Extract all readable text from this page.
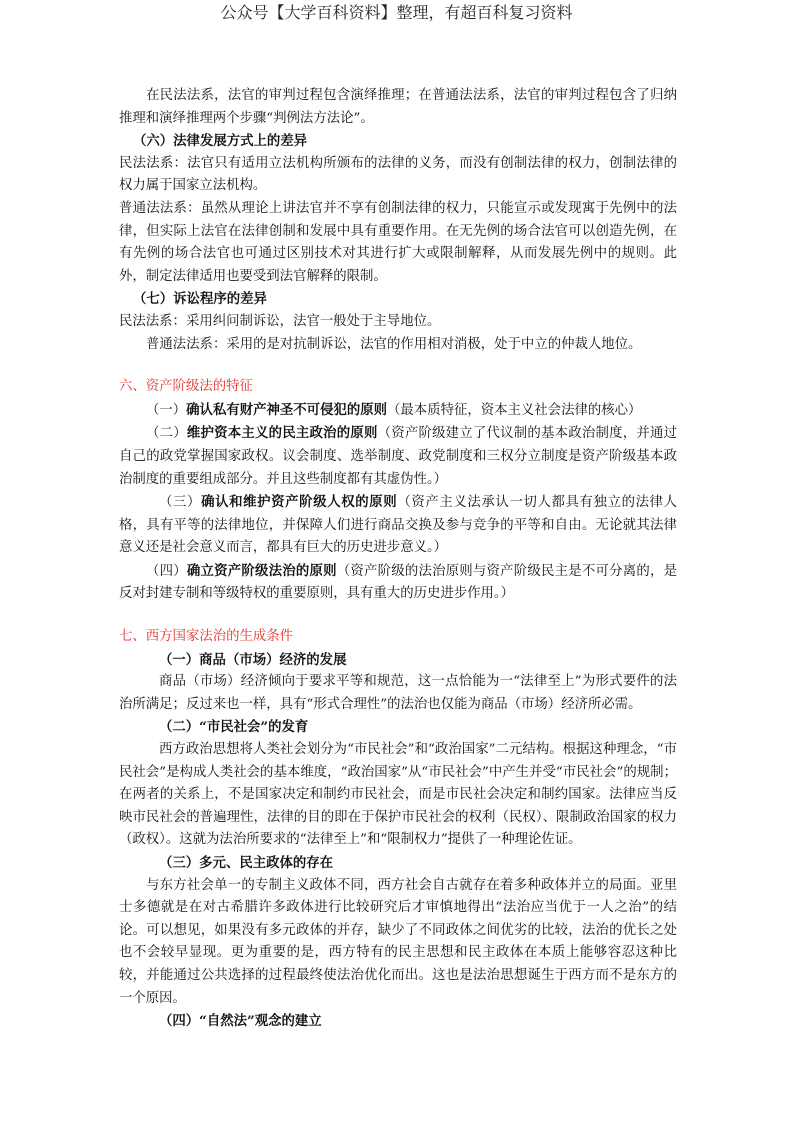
公众号【大学百科资料】整理，有超百科复习资料

在民法法系，法官的审判过程包含演绎推理；在普通法法系，法官的审判过程包含了归纳推理和演绎推理两个步骤“判例法方法论”。

（六）法律发展方式上的差异

民法法系：法官只有适用立法机构所颁布的法律的义务，而没有创制法律的权力，创制法律的权力属于国家立法机构。

普通法法系：虽然从理论上讲法官并不享有创制法律的权力，只能宣示或发现寓于先例中的法律，但实际上法官在法律创制和发展中具有重要作用。在无先例的场合法官可以创造先例，在有先例的场合法官也可通过区别技术对其进行扩大或限制解释，从而发展先例中的规则。此外，制定法律适用也要受到法官解释的限制。

（七）诉讼程序的差异

民法法系：采用纠问制诉讼，法官一般处于主导地位。

普通法法系：采用的是对抗制诉讼，法官的作用相对消极，处于中立的仲裁人地位。

六、资产阶级法的特征

（一）确认私有财产神圣不可侵犯的原则（最本质特征，资本主义社会法律的核心）

（二）维护资本主义的民主政治的原则（资产阶级建立了代议制的基本政治制度，并通过自己的政党掌握国家政权。议会制度、选举制度、政党制度和三权分立制度是资产阶级基本政治制度的重要组成部分。并且这些制度都有其虚伪性。）

（三）确认和维护资产阶级人权的原则（资产主义法承认一切人都具有独立的法律人格，具有平等的法律地位，并保障人们进行商品交换及参与竞争的平等和自由。无论就其法律意义还是社会意义而言，都具有巨大的历史进步意义。）

（四）确立资产阶级法治的原则（资产阶级的法治原则与资产阶级民主是不可分离的，是反对封建专制和等级特权的重要原则，具有重大的历史进步作用。）

七、西方国家法治的生成条件

（一）商品（市场）经济的发展

商品（市场）经济倾向于要求平等和规范，这一点恰能为一“法律至上”为形式要件的法治所满足；反过来也一样，具有“形式合理性”的法治也仅能为商品（市场）经济所必需。

（二）“市民社会”的发育

西方政治思想将人类社会划分为“市民社会”和“政治国家”二元结构。根据这种理念，“市民社会”是构成人类社会的基本维度，“政治国家”从“市民社会”中产生并受“市民社会”的规制；在两者的关系上，不是国家决定和制约市民社会，而是市民社会决定和制约国家。法律应当反映市民社会的普遍理性，法律的目的即在于保护市民社会的权利（民权）、限制政治国家的权力（政权）。这就为法治所要求的“法律至上”和“限制权力”提供了一种理论佐证。

（三）多元、民主政体的存在

与东方社会单一的专制主义政体不同，西方社会自古就存在着多种政体并立的局面。亚里士多德就是在对古希腊许多政体进行比较研究后才审慎地得出“法治应当优于一人之治”的结论。可以想见，如果没有多元政体的并存，缺少了不同政体之间优劣的比较，法治的优长之处也不会较早显现。更为重要的是，西方特有的民主思想和民主政体在本质上能够容忍这种比较，并能通过公共选择的过程最终使法治优化而出。这也是法治思想诞生于西方而不是东方的一个原因。

（四）“自然法”观念的建立
